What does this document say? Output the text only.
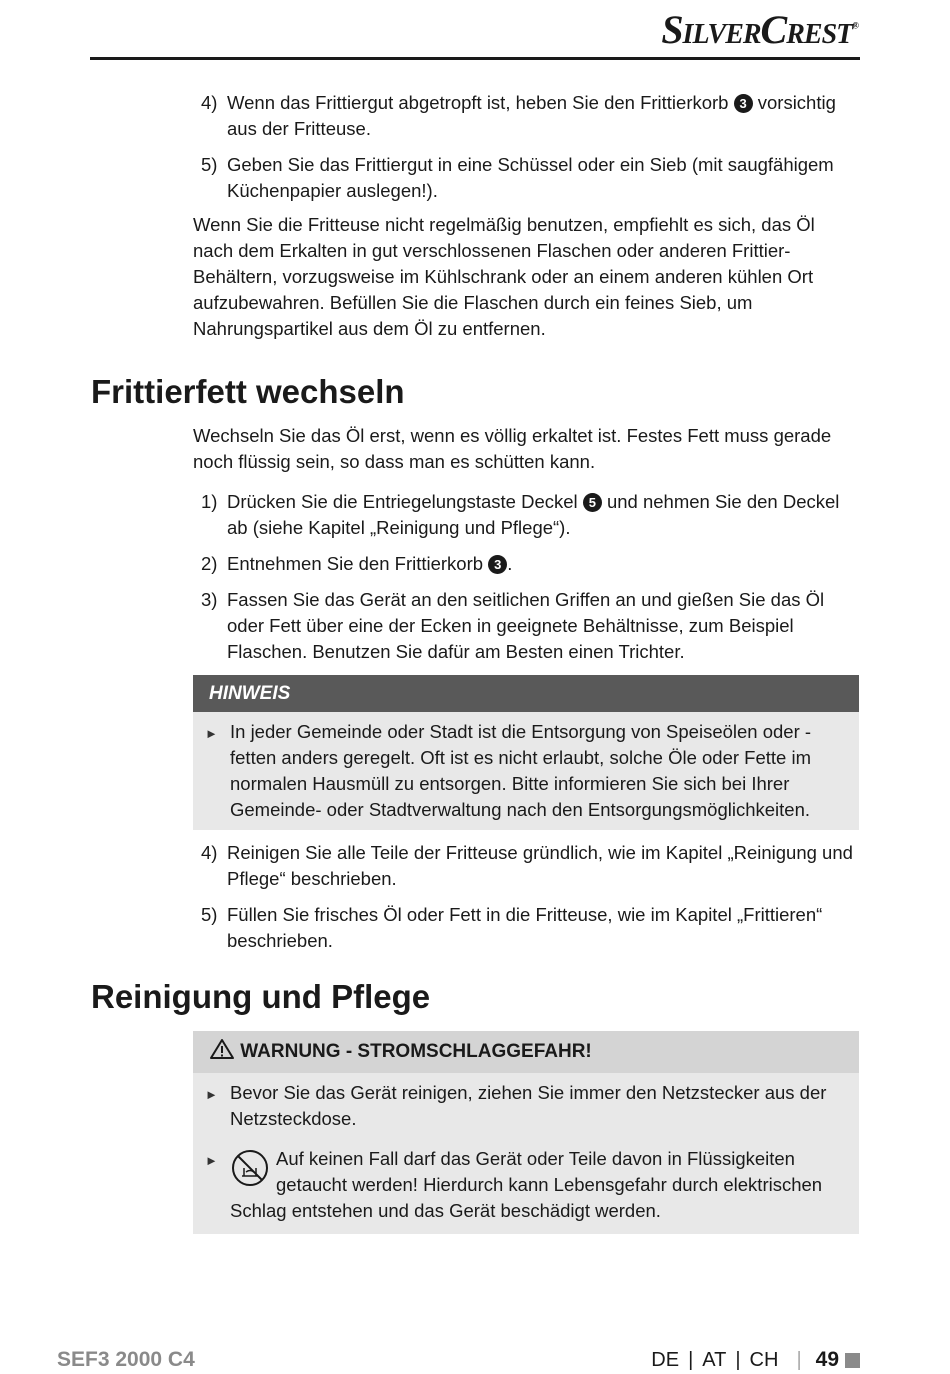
SilverCrest®
4) Wenn das Frittiergut abgetropft ist, heben Sie den Frittierkorb 3 vorsichtig aus der Fritteuse.
5) Geben Sie das Frittiergut in eine Schüssel oder ein Sieb (mit saugfähigem Küchenpapier auslegen!).

Wenn Sie die Fritteuse nicht regelmäßig benutzen, empfiehlt es sich, das Öl nach dem Erkalten in gut verschlossenen Flaschen oder anderen Frittier-Behältern, vorzugsweise im Kühlschrank oder an einem anderen kühlen Ort aufzubewahren. Befüllen Sie die Flaschen durch ein feines Sieb, um Nahrungspartikel aus dem Öl zu entfernen.

Frittierfett wechseln

Wechseln Sie das Öl erst, wenn es völlig erkaltet ist. Festes Fett muss gerade noch flüssig sein, so dass man es schütten kann.

1) Drücken Sie die Entriegelungstaste Deckel 5 und nehmen Sie den Deckel ab (siehe Kapitel „Reinigung und Pflege“).
2) Entnehmen Sie den Frittierkorb 3 .
3) Fassen Sie das Gerät an den seitlichen Griffen an und gießen Sie das Öl oder Fett über eine der Ecken in geeignete Behältnisse, zum Beispiel Flaschen. Benutzen Sie dafür am Besten einen Trichter.
HINWEIS
► In jeder Gemeinde oder Stadt ist die Entsorgung von Speiseölen oder -fetten anders geregelt. Oft ist es nicht erlaubt, solche Öle oder Fette im normalen Hausmüll zu entsorgen. Bitte informieren Sie sich bei Ihrer Gemeinde- oder Stadtverwaltung nach den Entsorgungsmöglichkeiten.
4) Reinigen Sie alle Teile der Fritteuse gründlich, wie im Kapitel „Reinigung und Pflege“ beschrieben.
5) Füllen Sie frisches Öl oder Fett in die Fritteuse, wie im Kapitel „Frittieren“ beschrieben.
Reinigung und Pflege
WARNUNG - STROMSCHLAGGEFAHR!
► Bevor Sie das Gerät reinigen, ziehen Sie immer den Netzstecker aus der Netzsteckdose.
►	Auf keinen Fall darf das Gerät oder Teile davon in Flüssigkeiten getaucht werden! Hierdurch kann Lebensgefahr durch elektrischen Schlag entstehen und das Gerät beschädigt werden.
SEF3 2000 C4	DE | AT | CH | 49
